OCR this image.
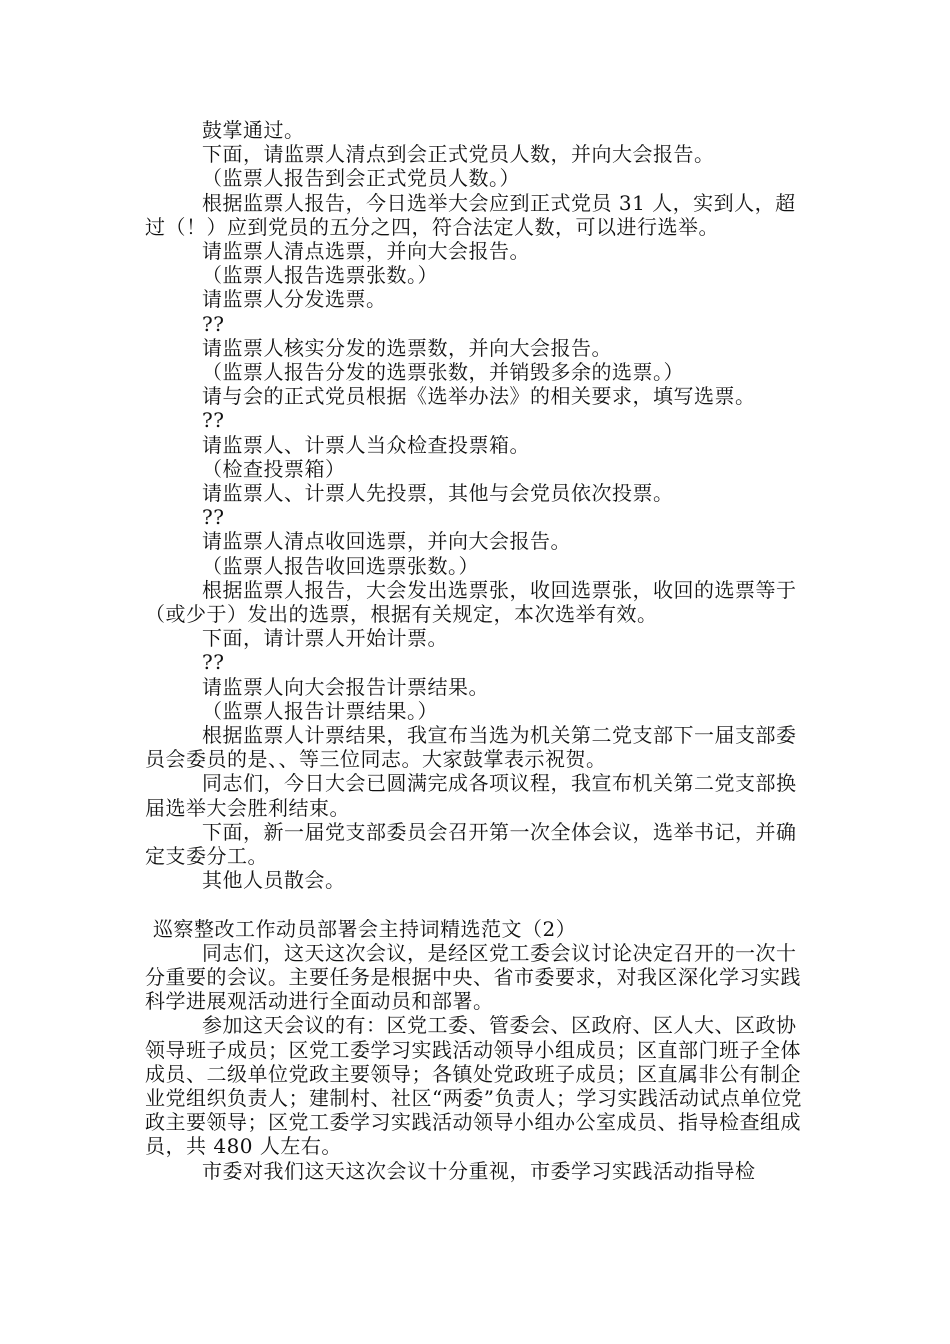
鼓掌通过。

下面，请监票人清点到会正式党员人数，并向大会报告。

（监票人报告到会正式党员人数。）

根据监票人报告，今日选举大会应到正式党员 31 人，实到人，超过（！）应到党员的五分之四，符合法定人数，可以进行选举。

请监票人清点选票，并向大会报告。

（监票人报告选票张数。）

请监票人分发选票。

??

请监票人核实分发的选票数，并向大会报告。

（监票人报告分发的选票张数，并销毁多余的选票。）

请与会的正式党员根据《选举办法》的相关要求，填写选票。

??

请监票人、计票人当众检查投票箱。

（检查投票箱）

请监票人、计票人先投票，其他与会党员依次投票。

??

请监票人清点收回选票，并向大会报告。

（监票人报告收回选票张数。）

根据监票人报告，大会发出选票张，收回选票张，收回的选票等于（或少于）发出的选票，根据有关规定，本次选举有效。

下面，请计票人开始计票。

??

请监票人向大会报告计票结果。

（监票人报告计票结果。）

根据监票人计票结果，我宣布当选为机关第二党支部下一届支部委员会委员的是、、等三位同志。大家鼓掌表示祝贺。

同志们，今日大会已圆满完成各项议程，我宣布机关第二党支部换届选举大会胜利结束。

下面，新一届党支部委员会召开第一次全体会议，选举书记，并确定支委分工。

其他人员散会。

巡察整改工作动员部署会主持词精选范文（2）

同志们，这天这次会议，是经区党工委会议讨论决定召开的一次十分重要的会议。主要任务是根据中央、省市委要求，对我区深化学习实践科学进展观活动进行全面动员和部署。

参加这天会议的有：区党工委、管委会、区政府、区人大、区政协领导班子成员；区党工委学习实践活动领导小组成员；区直部门班子全体成员、二级单位党政主要领导；各镇处党政班子成员；区直属非公有制企业党组织负责人；建制村、社区“两委”负责人；学习实践活动试点单位党政主要领导；区党工委学习实践活动领导小组办公室成员、指导检查组成员，共 480 人左右。

市委对我们这天这次会议十分重视，市委学习实践活动指导检
